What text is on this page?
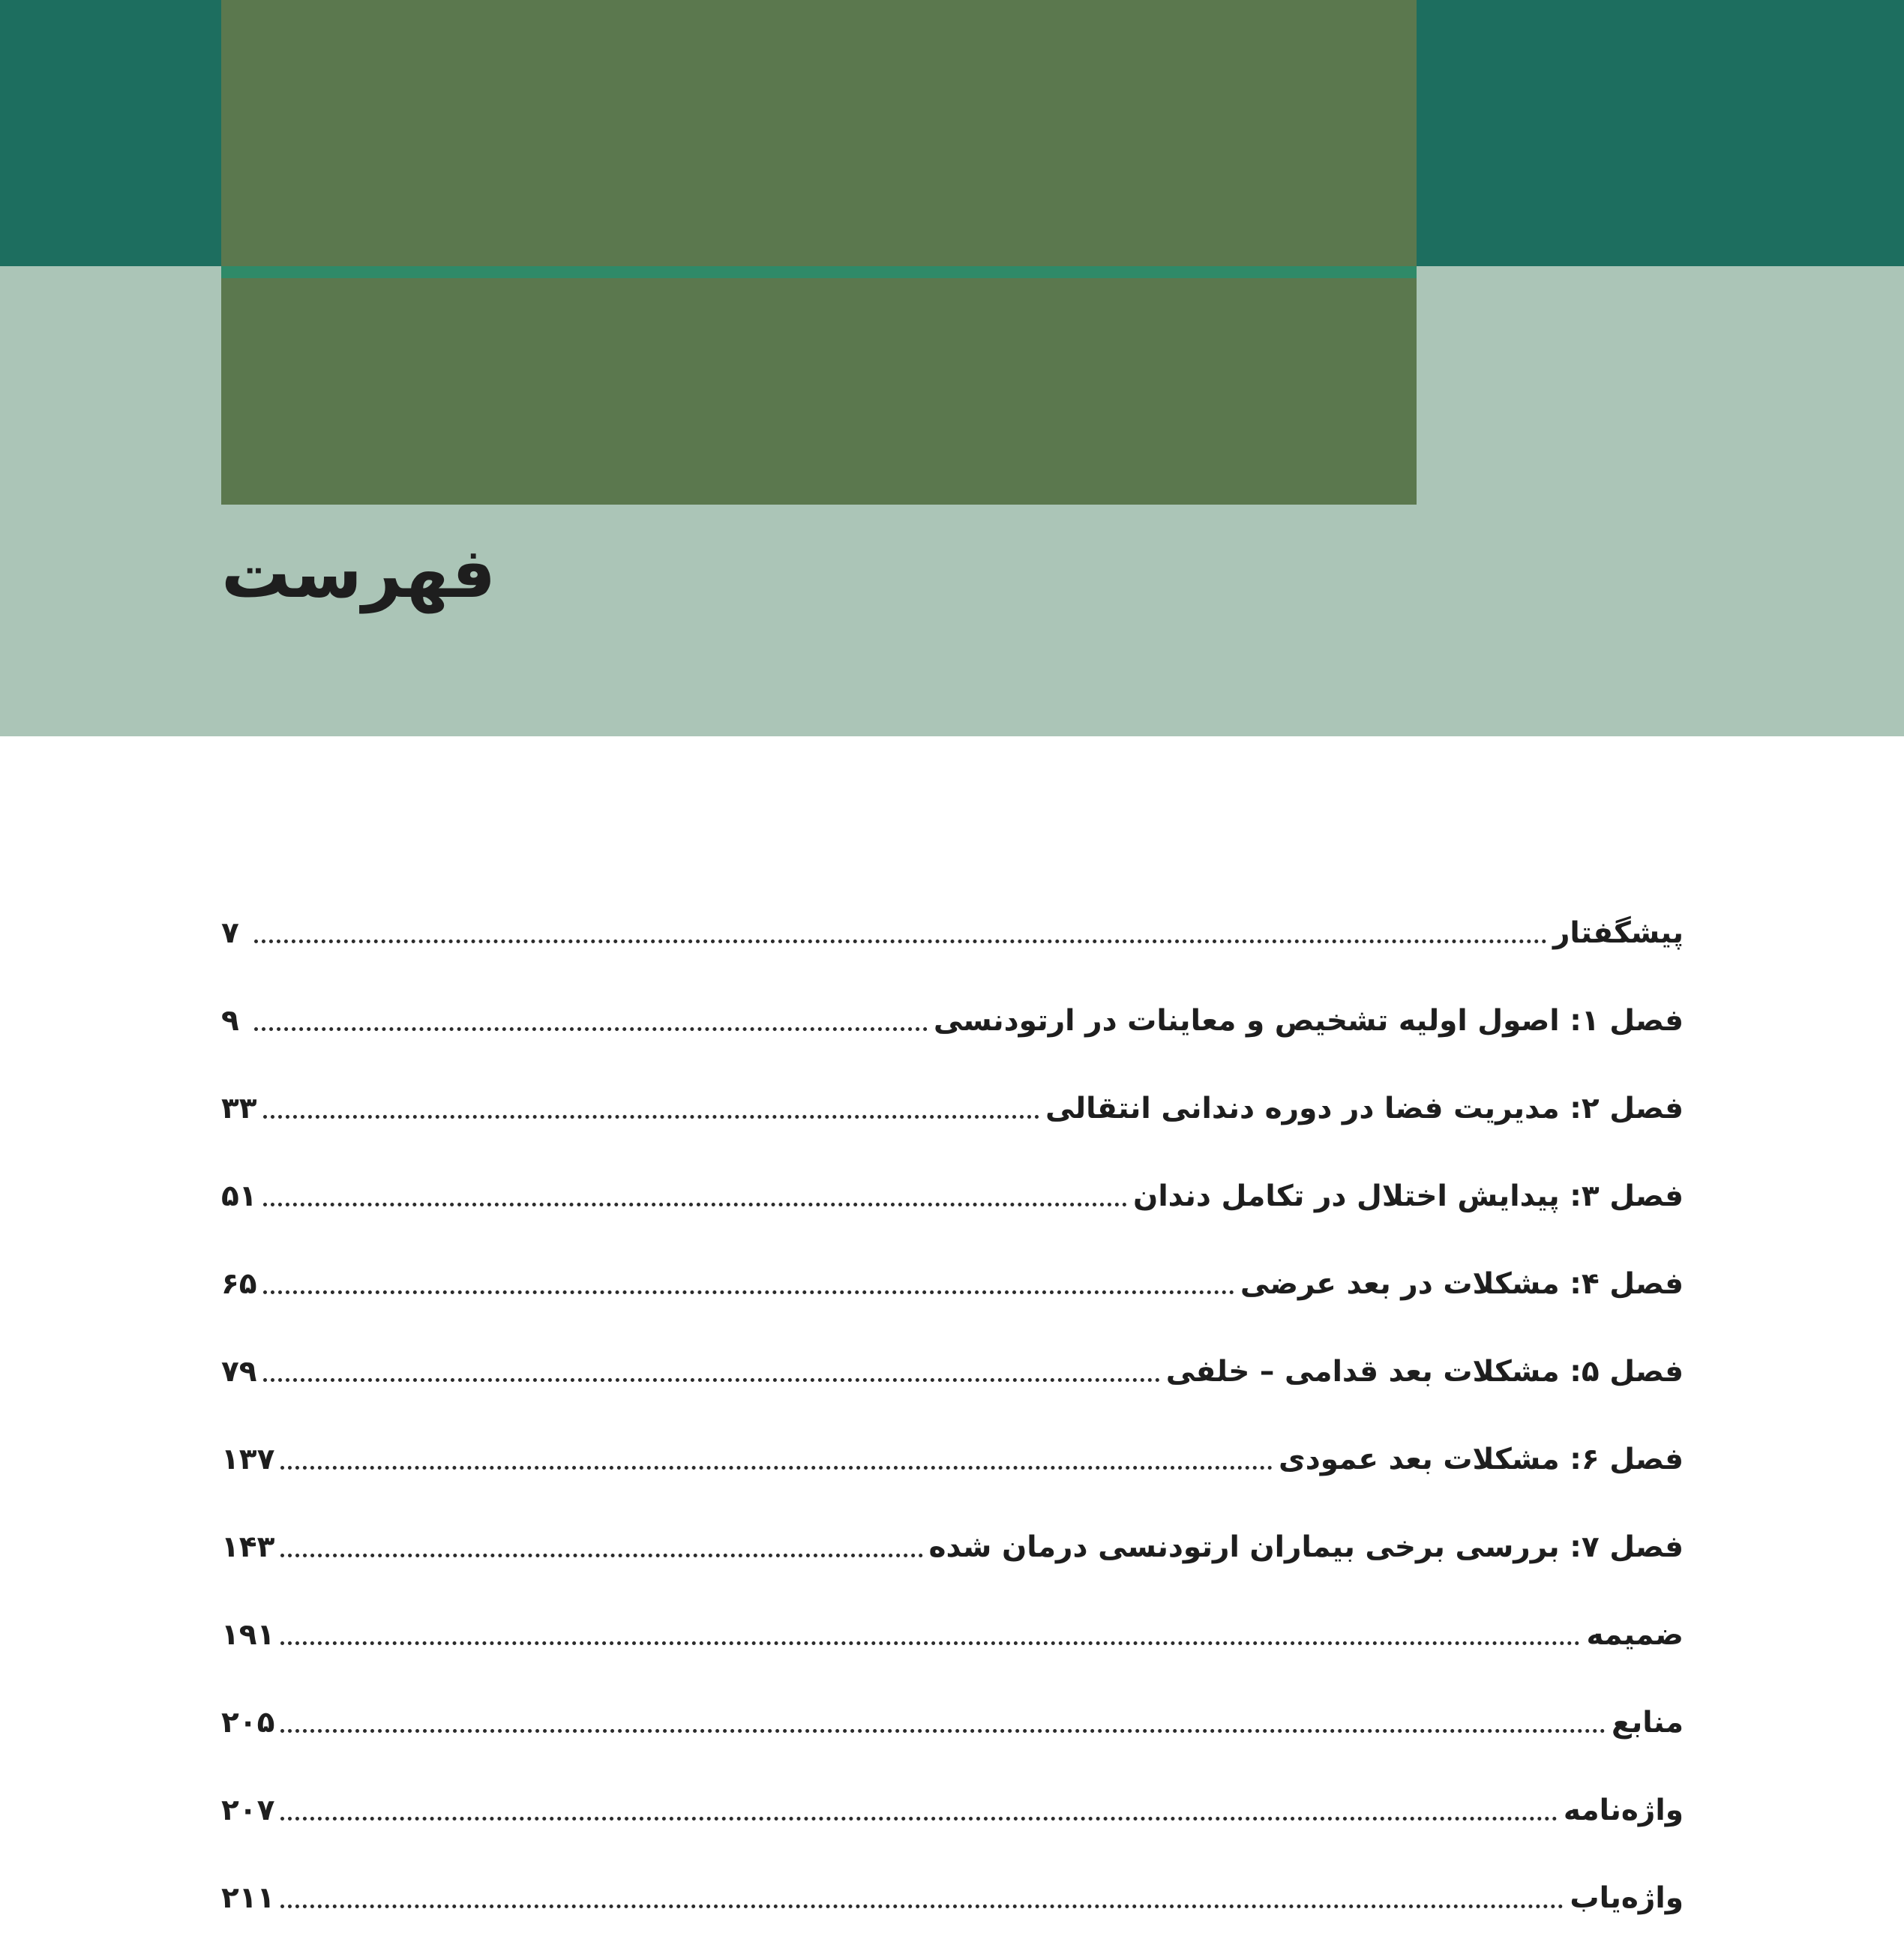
فهرست
پیشگفتار
۷
فصل ۱: اصول اولیه تشخیص و معاینات در ارتودنسی
۹
فصل ۲: مدیریت فضا در دوره دندانی انتقالی
۳۳
فصل ۳: پیدایش اختلال در تکامل دندان
۵۱
فصل ۴: مشکلات در بعد عرضی
۶۵
فصل ۵: مشکلات بعد قدامی – خلفی
۷۹
فصل ۶: مشکلات بعد عمودی
۱۳۷
فصل ۷: بررسی برخی بیماران ارتودنسی درمان شده
۱۴۳
ضمیمه
۱۹۱
منابع
۲۰۵
واژه‌نامه
۲۰۷
واژه‌یاب
۲۱۱
